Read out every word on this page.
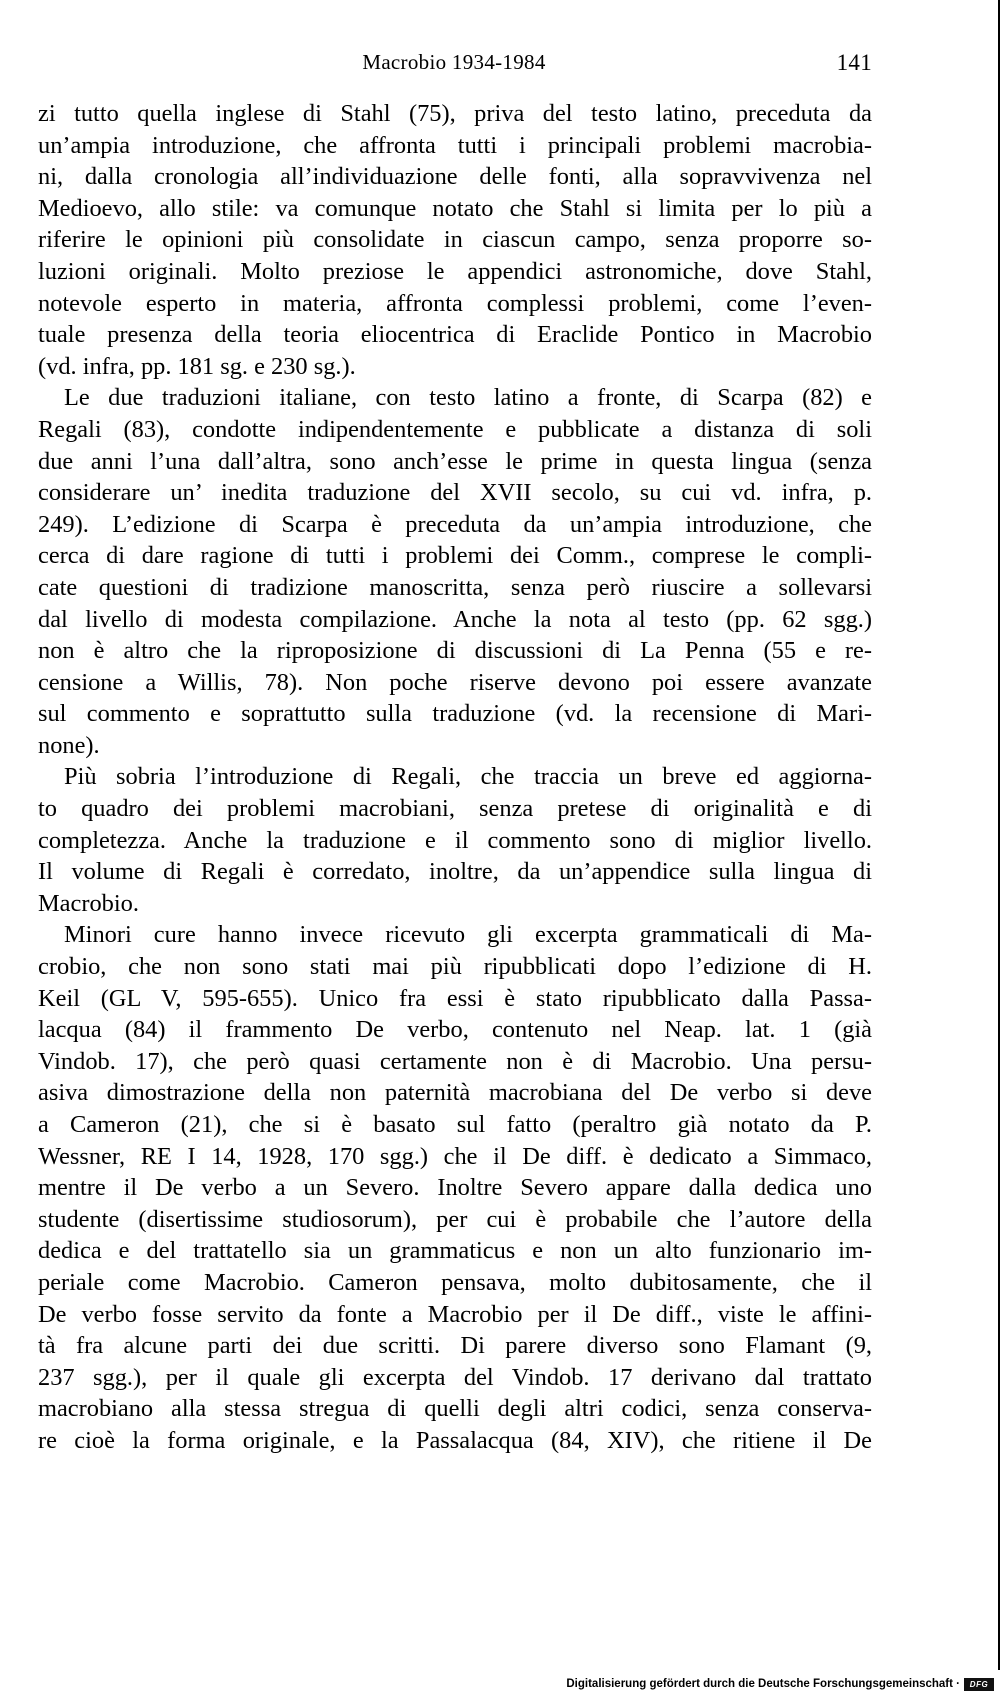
Macrobio 1934-1984	141
zi tutto quella inglese di Stahl (75), priva del testo latino, preceduta da
un’ampia introduzione, che affronta tutti i principali problemi macrobia-
ni, dalla cronologia all’individuazione delle fonti, alla sopravvivenza nel
Medioevo, allo stile: va comunque notato che Stahl si limita per lo più a
riferire le opinioni più consolidate in ciascun campo, senza proporre so-
luzioni originali. Molto preziose le appendici astronomiche, dove Stahl,
notevole esperto in materia, affronta complessi problemi, come l’even-
tuale presenza della teoria eliocentrica di Eraclide Pontico in Macrobio
(vd. infra, pp. 181 sg. e 230 sg.).
Le due traduzioni italiane, con testo latino a fronte, di Scarpa (82) e
Regali (83), condotte indipendentemente e pubblicate a distanza di soli
due anni l’una dall’altra, sono anch’esse le prime in questa lingua (senza
considerare un’ inedita traduzione del XVII secolo, su cui vd. infra, p.
249). L’edizione di Scarpa è preceduta da un’ampia introduzione, che
cerca di dare ragione di tutti i problemi dei Comm., comprese le compli-
cate questioni di tradizione manoscritta, senza però riuscire a sollevarsi
dal livello di modesta compilazione. Anche la nota al testo (pp. 62 sgg.)
non è altro che la riproposizione di discussioni di La Penna (55 e re-
censione a Willis, 78). Non poche riserve devono poi essere avanzate
sul commento e soprattutto sulla traduzione (vd. la recensione di Mari-
none).
Più sobria l’introduzione di Regali, che traccia un breve ed aggiorna-
to quadro dei problemi macrobiani, senza pretese di originalità e di
completezza. Anche la traduzione e il commento sono di miglior livello.
Il volume di Regali è corredato, inoltre, da un’appendice sulla lingua di
Macrobio.
Minori cure hanno invece ricevuto gli excerpta grammaticali di Ma-
crobio, che non sono stati mai più ripubblicati dopo l’edizione di H.
Keil (GL V, 595-655). Unico fra essi è stato ripubblicato dalla Passa-
lacqua (84) il frammento De verbo, contenuto nel Neap. lat. 1 (già
Vindob. 17), che però quasi certamente non è di Macrobio. Una persu-
asiva dimostrazione della non paternità macrobiana del De verbo si deve
a Cameron (21), che si è basato sul fatto (peraltro già notato da P.
Wessner, RE I 14, 1928, 170 sgg.) che il De diff. è dedicato a Simmaco,
mentre il De verbo a un Severo. Inoltre Severo appare dalla dedica uno
studente (disertissime studiosorum), per cui è probabile che l’autore della
dedica e del trattatello sia un grammaticus e non un alto funzionario im-
periale come Macrobio. Cameron pensava, molto dubitosamente, che il
De verbo fosse servito da fonte a Macrobio per il De diff., viste le affini-
tà fra alcune parti dei due scritti. Di parere diverso sono Flamant (9,
237 sgg.), per il quale gli excerpta del Vindob. 17 derivano dal trattato
macrobiano alla stessa stregua di quelli degli altri codici, senza conserva-
re cioè la forma originale, e la Passalacqua (84, XIV), che ritiene il De
Digitalisierung gefördert durch die Deutsche Forschungsgemeinschaft ·	DFG
